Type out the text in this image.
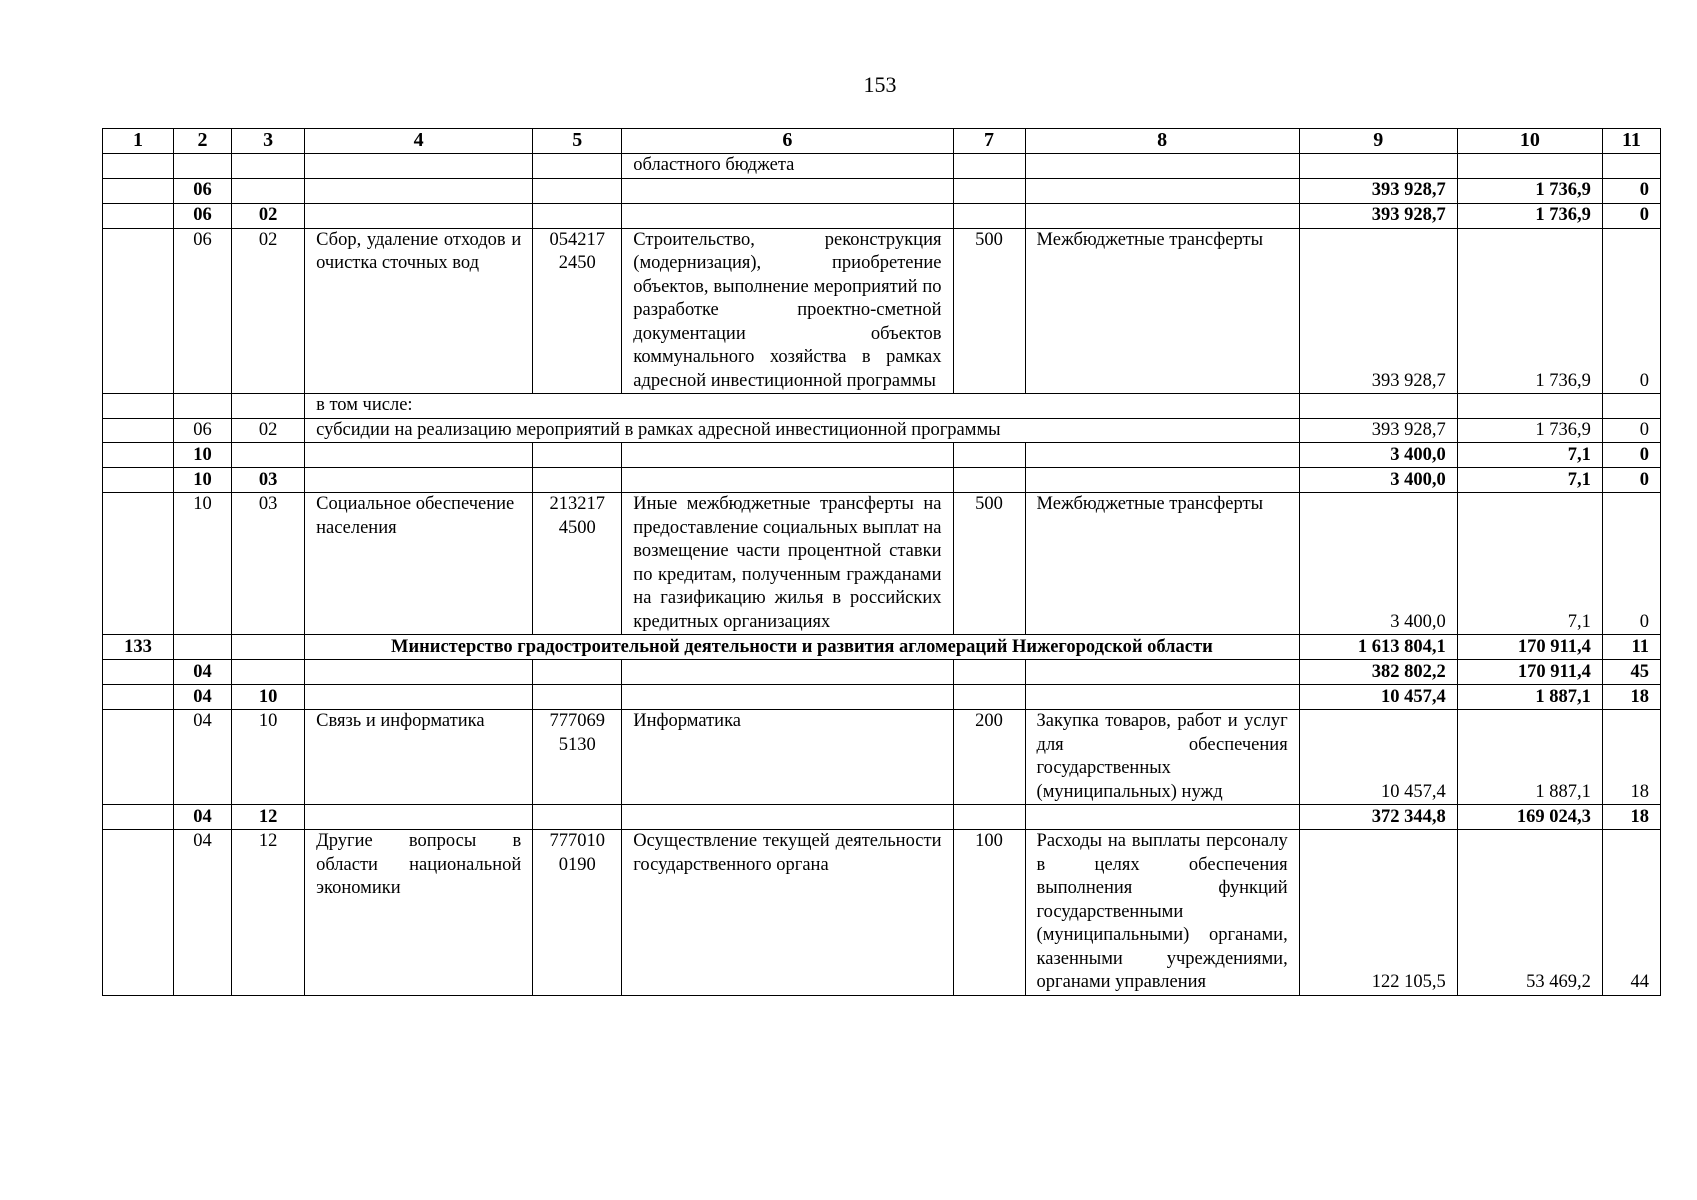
153
1	2	3	4	5	6	7	8	9	10	11
					областного бюджета					
	06							393 928,7	1 736,9	0
	06	02						393 928,7	1 736,9	0
	06	02	Сбор, удаление отходов и очистка сточных вод	054217 2450	Строительство, реконструкция (модернизация), приобретение объектов, выполнение мероприятий по разработке проектно-сметной документации объектов коммунального хозяйства в рамках адресной инвестиционной программы	500	Межбюджетные трансферты	393 928,7	1 736,9	0
			в том числе:							
	06	02	субсидии на реализацию мероприятий в рамках адресной инвестиционной программы					393 928,7	1 736,9	0
	10							3 400,0	7,1	0
	10	03						3 400,0	7,1	0
	10	03	Социальное обеспечение населения	213217 4500	Иные межбюджетные трансферты на предоставление социальных выплат на возмещение части процентной ставки по кредитам, полученным гражданами на газификацию жилья в российских кредитных организациях	500	Межбюджетные трансферты	3 400,0	7,1	0
133			Министерство градостроительной деятельности и развития агломераций Нижегородской области					1 613 804,1	170 911,4	11
	04							382 802,2	170 911,4	45
	04	10						10 457,4	1 887,1	18
	04	10	Связь и информатика	777069 5130	Информатика	200	Закупка товаров, работ и услуг для обеспечения государственных (муниципальных) нужд	10 457,4	1 887,1	18
	04	12						372 344,8	169 024,3	18
	04	12	Другие вопросы в области национальной экономики	777010 0190	Осуществление текущей деятельности государственного органа	100	Расходы на выплаты персоналу в целях обеспечения выполнения функций государственными (муниципальными) органами, казенными учреждениями, органами управления	122 105,5	53 469,2	44
